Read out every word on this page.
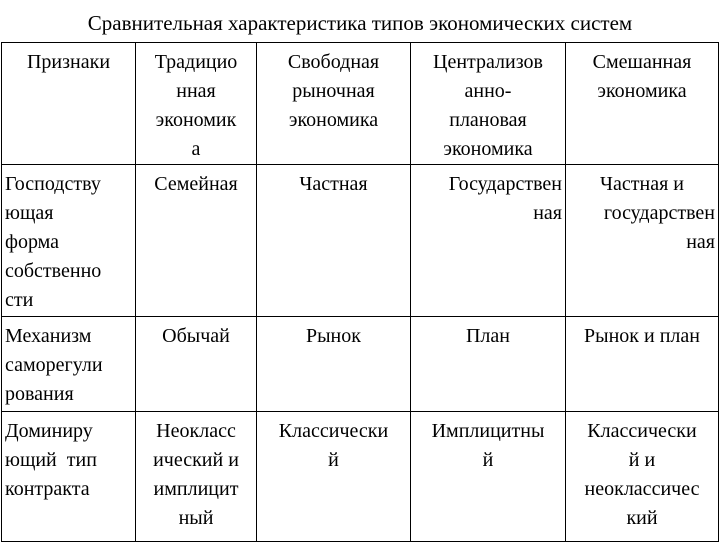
Сравнительная характеристика типов экономических систем
Признаки	Традицио
нная
экономик
а	Свободная
рыночная
экономика	Централизов
анно-
плановая
экономика	Смешанная
экономика

Господству
ющая
форма
собственно
сти	Семейная	Частная	Государствен
ная	Частная и
государствен
ная

Механизм
саморегули
рования	Обычай	Рынок	План	Рынок и план

Доминиру
ющий  тип
контракта	Неокласс
ический и
имплицит
ный	Классически
й	Имплицитны
й	Классически
й и
неоклассичес
кий
